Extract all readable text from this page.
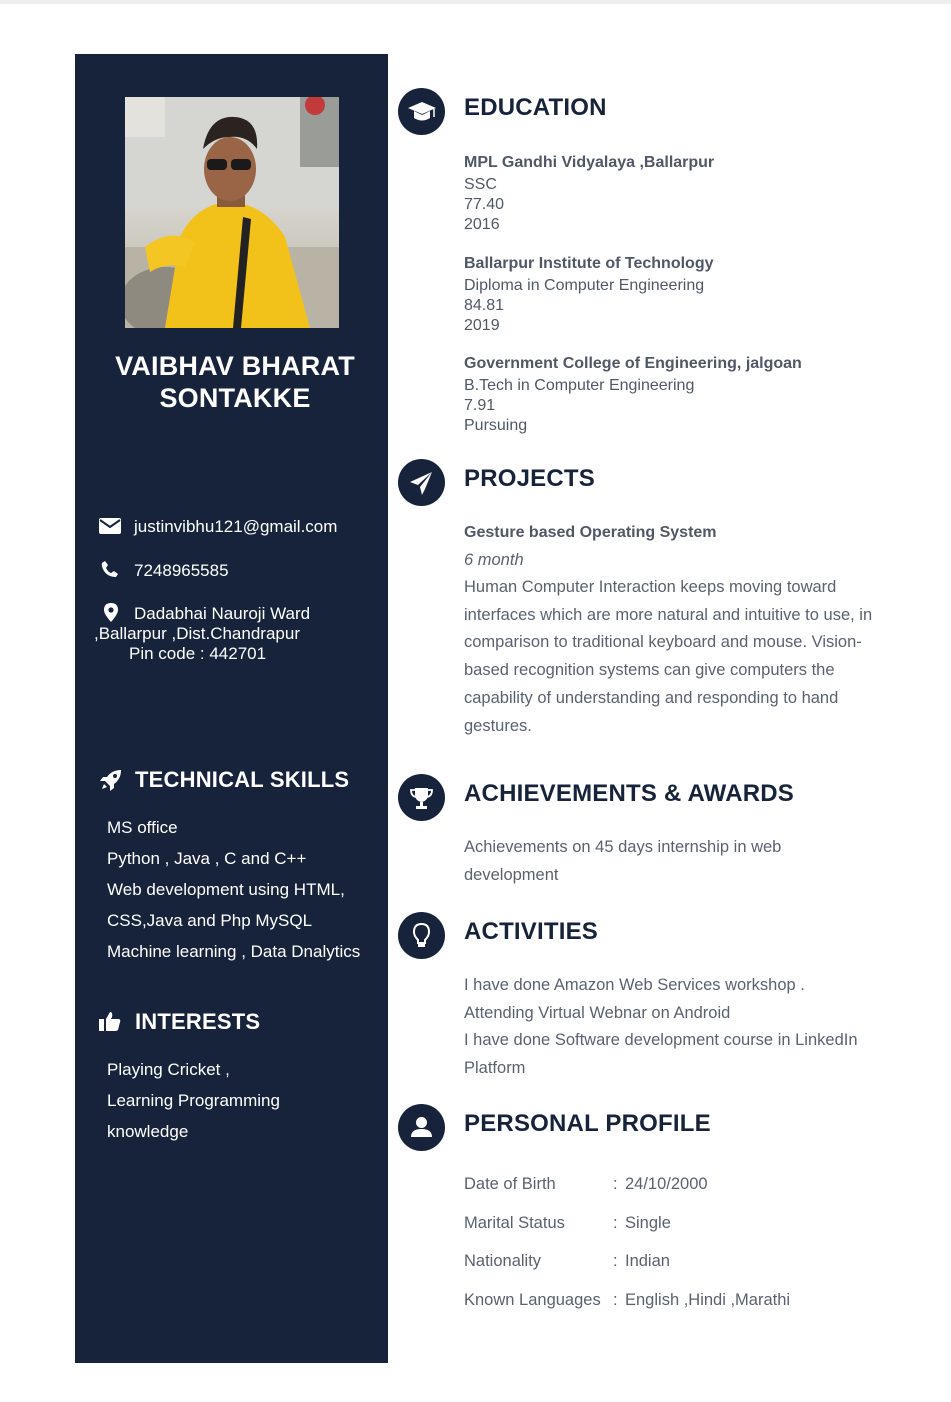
VAIBHAV BHARAT
SONTAKKE
justinvibhu121@gmail.com
7248965585
Dadabhai Nauroji Ward
,Ballarpur ,Dist.Chandrapur
Pin code : 442701
TECHNICAL SKILLS
MS office
Python , Java , C and C++
Web development using HTML,
CSS,Java and Php MySQL
Machine learning , Data Dnalytics
INTERESTS
Playing Cricket ,
Learning Programming
knowledge
EDUCATION
MPL Gandhi Vidyalaya ,Ballarpur
SSC
77.40
2016
Ballarpur Institute of Technology
Diploma in Computer Engineering
84.81
2019
Government College of Engineering, jalgoan
B.Tech in Computer Engineering
7.91
Pursuing
PROJECTS
Gesture based Operating System
6 month
Human Computer Interaction keeps moving toward
interfaces which are more natural and intuitive to use, in
comparison to traditional keyboard and mouse. Vision-
based recognition systems can give computers the
capability of understanding and responding to hand
gestures.
ACHIEVEMENTS & AWARDS
Achievements on 45 days internship in web
development
ACTIVITIES
I have done Amazon Web Services workshop .
Attending Virtual Webnar on Android
I have done Software development course in LinkedIn
Platform
PERSONAL PROFILE
Date of Birth	: 24/10/2000
Marital Status	: Single
Nationality	: Indian
Known Languages : English ,Hindi ,Marathi
